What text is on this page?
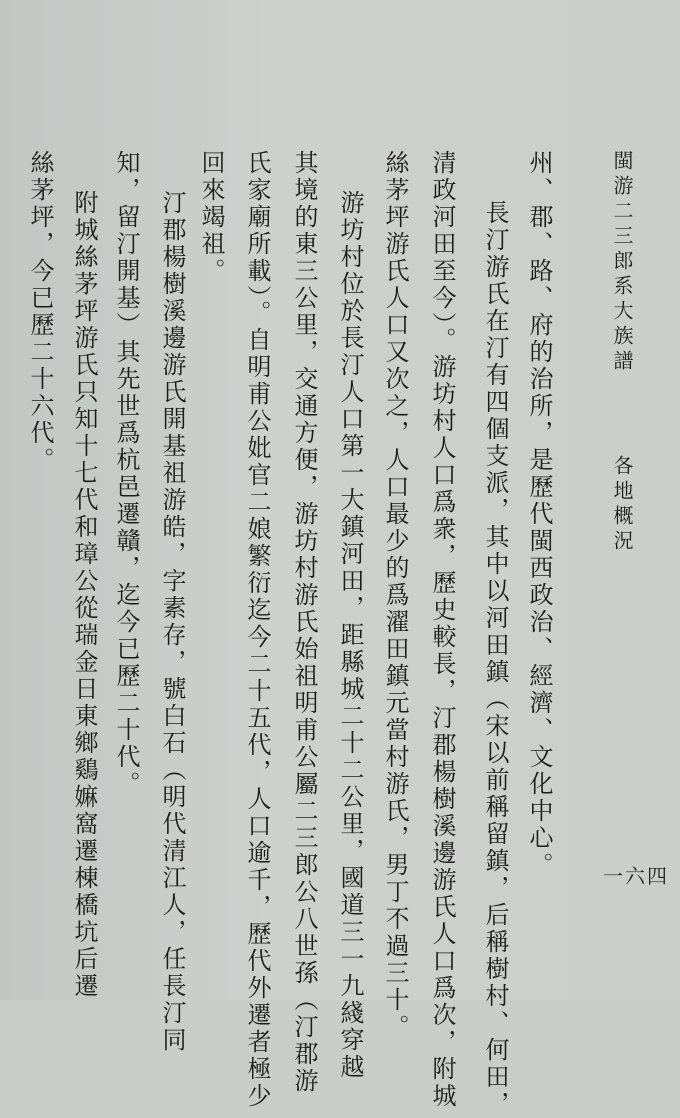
閩游二三郎系大族譜
各地概況
一六四
州、郡、路、府的治所，是歷代閩西政治、經濟、文化中心。
長汀游氏在汀有四個支派，其中以河田鎮（宋以前稱留鎮，后稱樹村、何田，
清政河田至今）。游坊村人口爲衆，歷史較長，汀郡楊樹溪邊游氏人口爲次，附城
絲茅坪游氏人口又次之，人口最少的爲濯田鎮元當村游氏，男丁不過三十。
游坊村位於長汀人口第一大鎮河田，距縣城二十二公里，國道三一九綫穿越
其境的東三公里，交通方便，游坊村游氏始祖明甫公屬二三郎公八世孫（汀郡游
氏家廟所載）。自明甫公妣官二娘繁衍迄今二十五代，人口逾千，歷代外遷者極少
回來竭祖。
汀郡楊樹溪邊游氏開基祖游皓，字素存，號白石（明代清江人，任長汀同
知，留汀開基）其先世爲杭邑遷贛，迄今已歷二十代。
附城絲茅坪游氏只知十七代和璋公從瑞金日東鄉鷄嫲窩遷棟橋坑后遷
絲茅坪，今已歷二十六代。
